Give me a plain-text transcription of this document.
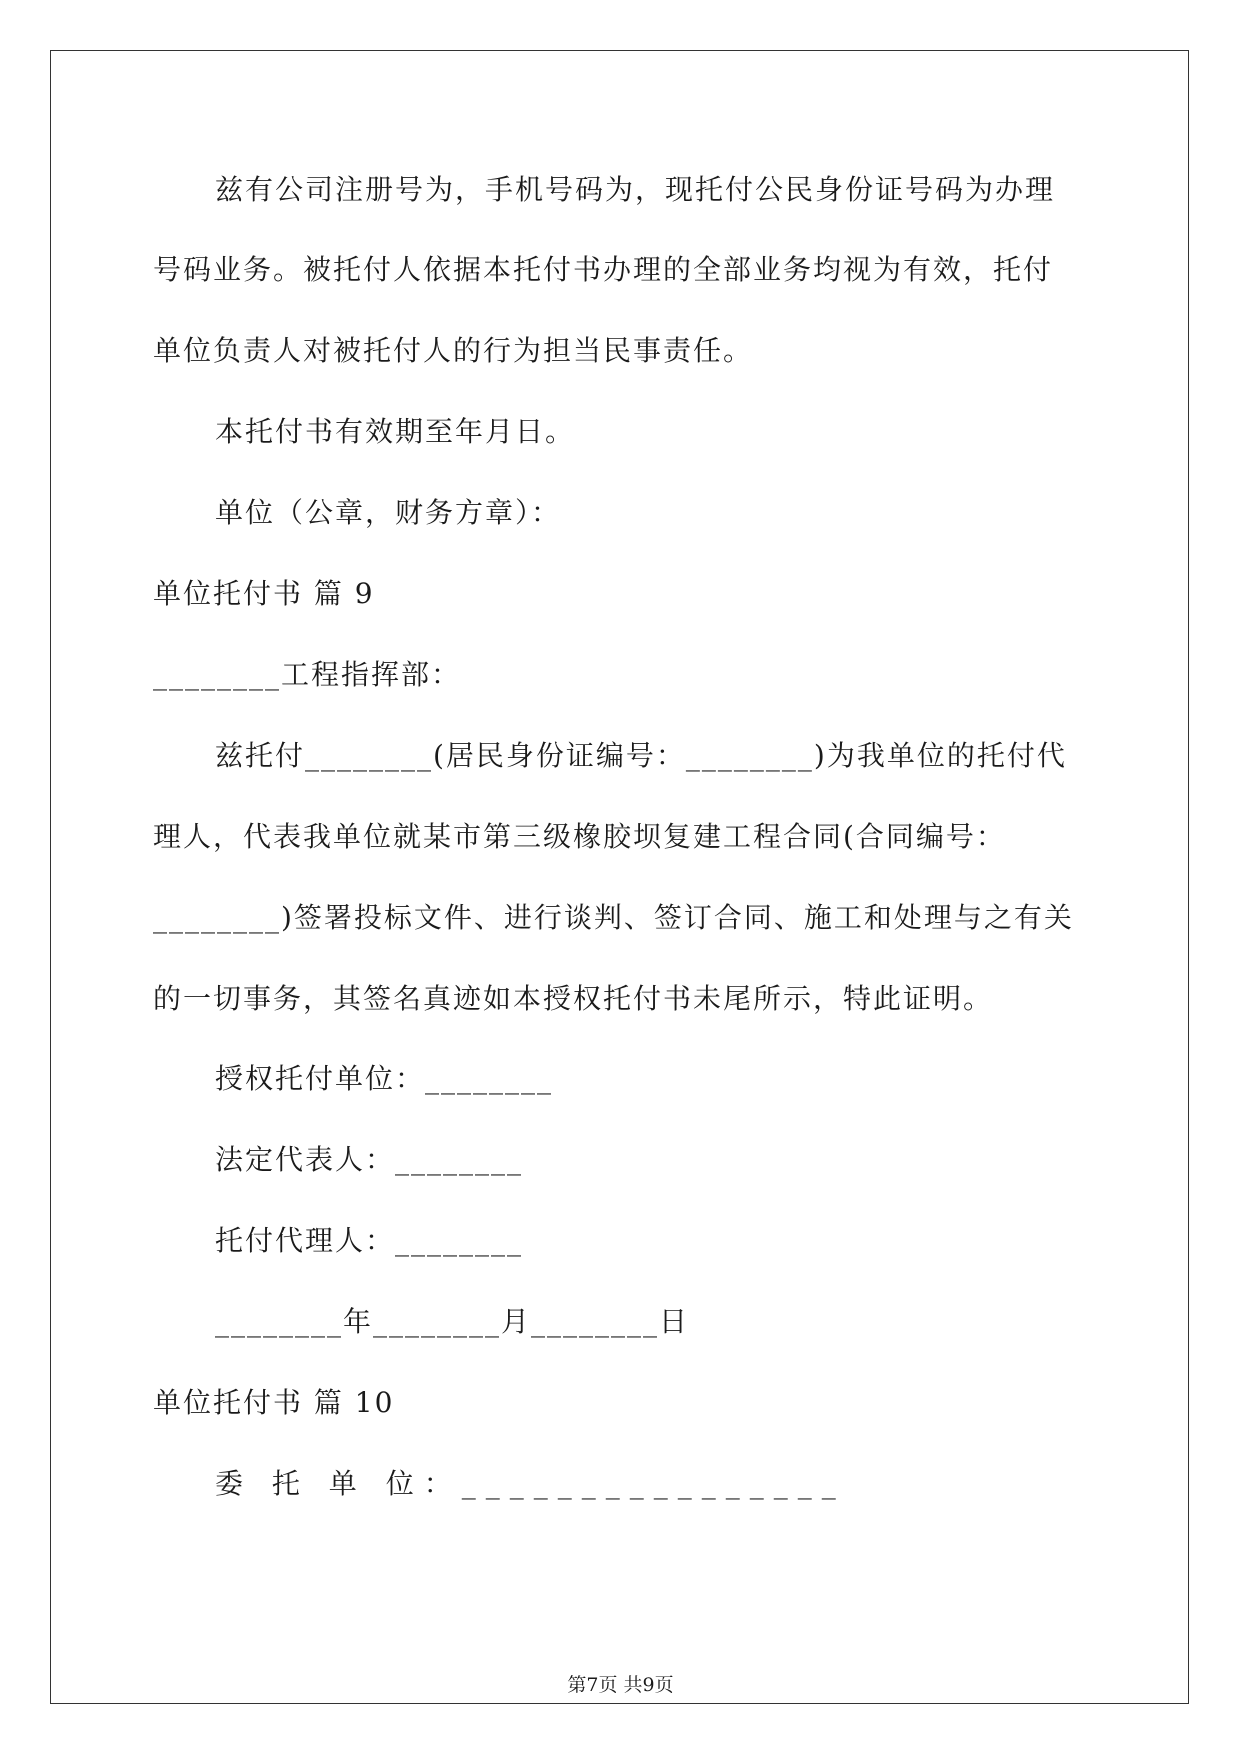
兹有公司注册号为，手机号码为，现托付公民身份证号码为办理
号码业务。被托付人依据本托付书办理的全部业务均视为有效，托付
单位负责人对被托付人的行为担当民事责任。
本托付书有效期至年月日。
单位（公章，财务方章）：
单位托付书 篇 9
________工程指挥部：
兹托付________(居民身份证编号：________)为我单位的托付代
理人，代表我单位就某市第三级橡胶坝复建工程合同(合同编号：
________)签署投标文件、进行谈判、签订合同、施工和处理与之有关
的一切事务，其签名真迹如本授权托付书未尾所示，特此证明。
授权托付单位：________
法定代表人：________
托付代理人：________
________年________月________日
单位托付书 篇 10
委 托 单 位：________________
第7页 共9页
